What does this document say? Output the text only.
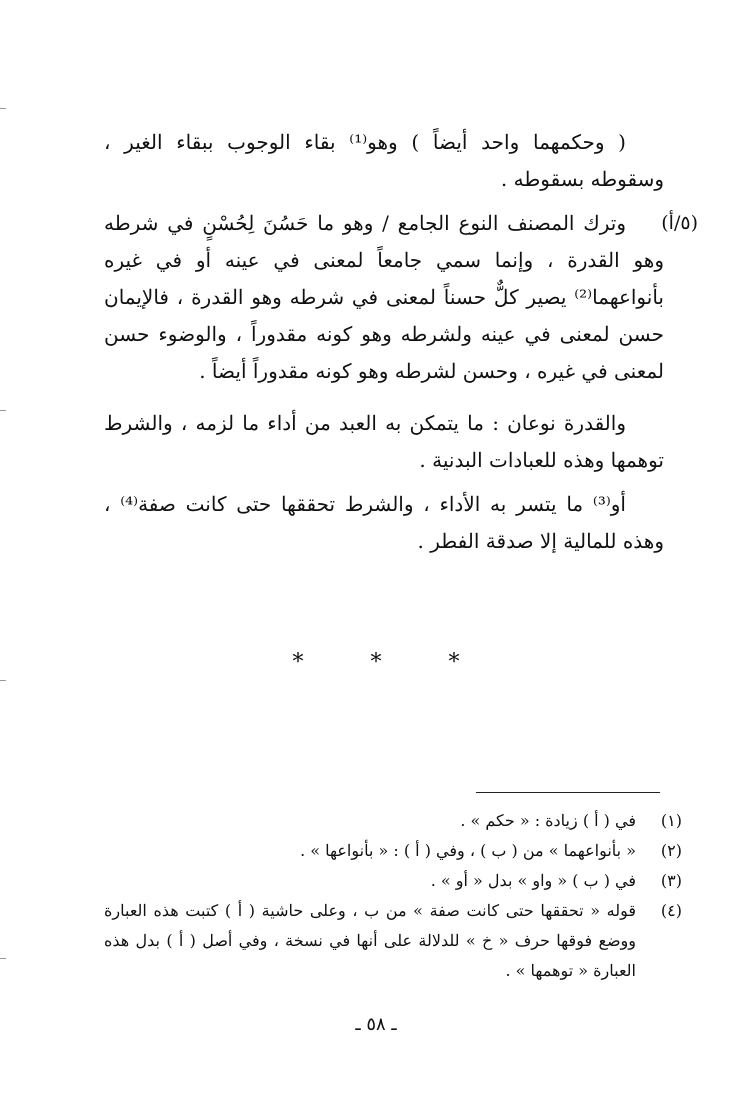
( وحكمهما واحد أيضاً ) وهو⁽¹⁾ بقاء الوجوب ببقاء الغير ، وسقوطه بسقوطه .

(٥/أ)

وترك المصنف النوع الجامع / وهو ما حَسُنَ لِحُسْنٍ في شرطه وهو القدرة ، وإنما سمي جامعاً لمعنى في عينه أو في غيره بأنواعهما⁽²⁾ يصير كلٌّ حسناً لمعنى في شرطه وهو القدرة ، فالإيمان حسن لمعنى في عينه ولشرطه وهو كونه مقدوراً ، والوضوء حسن لمعنى في غيره ، وحسن لشرطه وهو كونه مقدوراً أيضاً .

والقدرة نوعان : ما يتمكن به العبد من أداء ما لزمه ، والشرط توهمها وهذه للعبادات البدنية .

أو⁽³⁾ ما يتسر به الأداء ، والشرط تحققها حتى كانت صفة⁽⁴⁾ ، وهذه للمالية إلا صدقة الفطر .

* * *
(١)
في ( أ ) زيادة : « حكم » .
(٢)
« بأنواعهما » من ( ب ) ، وفي ( أ ) : « بأنواعها » .
(٣)
في ( ب ) « واو » بدل « أو » .
(٤)
قوله « تحققها حتى كانت صفة » من ب ، وعلى حاشية ( أ ) كتبت هذه العبارة ووضع فوقها حرف « خ » للدلالة على أنها في نسخة ، وفي أصل ( أ ) بدل هذه العبارة « توهمها » .
ـ ٥٨ ـ
